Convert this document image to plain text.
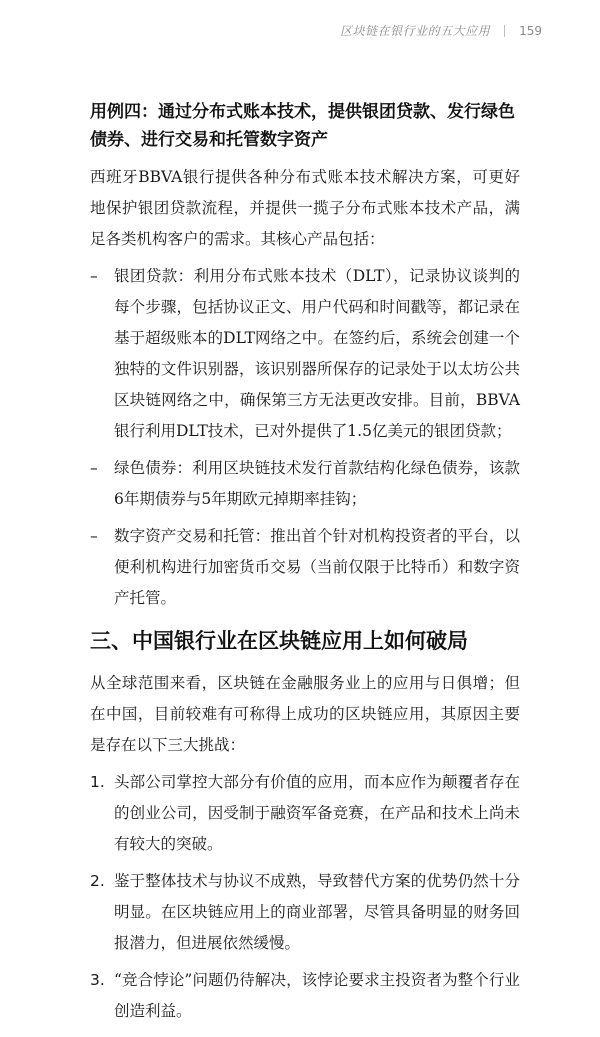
区块链在银行业的五大应用 159
用例四：通过分布式账本技术，提供银团贷款、发行绿色债券、进行交易和托管数字资产

西班牙BBVA银行提供各种分布式账本技术解决方案，可更好地保护银团贷款流程，并提供一揽子分布式账本技术产品，满足各类机构客户的需求。其核心产品包括：

– 银团贷款：利用分布式账本技术（DLT），记录协议谈判的每个步骤，包括协议正文、用户代码和时间戳等，都记录在基于超级账本的DLT网络之中。在签约后，系统会创建一个独特的文件识别器，该识别器所保存的记录处于以太坊公共区块链网络之中，确保第三方无法更改安排。目前，BBVA银行利用DLT技术，已对外提供了1.5亿美元的银团贷款；
– 绿色债券：利用区块链技术发行首款结构化绿色债券，该款6年期债券与5年期欧元掉期率挂钩；
– 数字资产交易和托管：推出首个针对机构投资者的平台，以便利机构进行加密货币交易（当前仅限于比特币）和数字资产托管。
三、中国银行业在区块链应用上如何破局

从全球范围来看，区块链在金融服务业上的应用与日俱增；但在中国，目前较难有可称得上成功的区块链应用，其原因主要是存在以下三大挑战：

1. 头部公司掌控大部分有价值的应用，而本应作为颠覆者存在的创业公司，因受制于融资军备竞赛，在产品和技术上尚未有较大的突破。
2. 鉴于整体技术与协议不成熟，导致替代方案的优势仍然十分明显。在区块链应用上的商业部署，尽管具备明显的财务回报潜力，但进展依然缓慢。
3. “竞合悖论”问题仍待解决，该悖论要求主投资者为整个行业创造利益。
